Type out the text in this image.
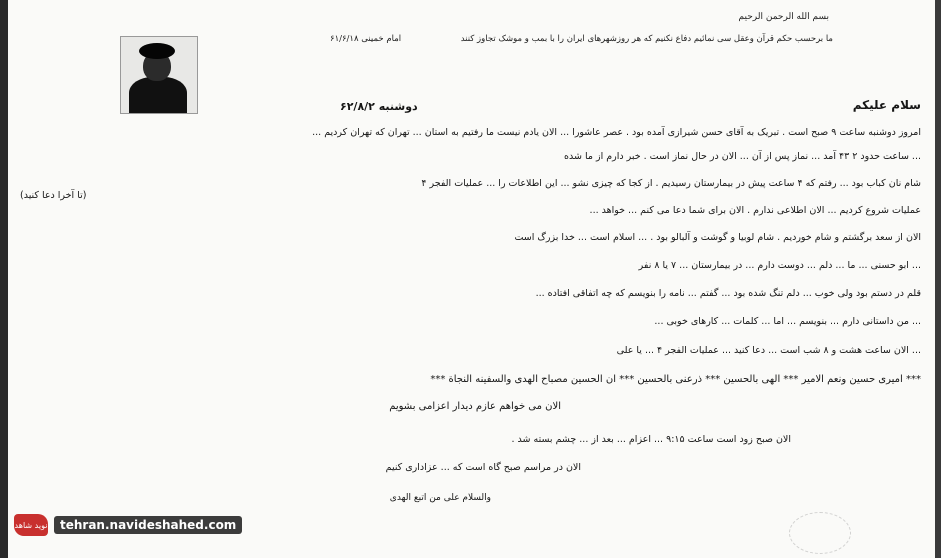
بسم الله الرحمن الرحيم
ما برحسب حکم قرآن وعقل سی نمائیم دفاع نکنیم که هر روزشهرهای ایران را با بمب و موشک تجاوز کنند
امام خمینی ۶۱/۶/۱۸
سلام علیکم
دوشنبه ۶۲/۸/۲
امروز دوشنبه ساعت ۹ صبح است . تبریک به آقای حسن شیرازی آمده بود . عصر عاشورا ... الان یادم نیست ما رفتیم به استان ... تهران که تهران کردیم ...
... ساعت حدود ۲ ۴۳ آمد ... نماز پس از آن ... الان در حال نماز است . خبر دارم از ما شده
شام نان کباب بود ... رفتم که ۴ ساعت پیش در بیمارستان رسیدیم . از کجا که چیزی نشو ... این اطلاعات را ... عملیات الفجر ۴
عملیات شروع کردیم ... الان اطلاعی ندارم . الان برای شما دعا می کنم ... خواهد ...
(تا آخرا دعا کنید)
الان از سعد برگشتم و شام خوردیم . شام لوبیا و گوشت و آلبالو بود . ... اسلام است ... خدا بزرگ است
... ابو حسنی ... ما ... دلم ... دوست دارم ... در بیمارستان ... ۷ یا ۸ نفر
قلم در دستم بود ولی خوب ... دلم تنگ شده بود ... گفتم ... نامه را بنویسم که چه اتفاقی افتاده ...
... من داستانی دارم ... بنویسم ... اما ... کلمات ... کارهای خوبی ...
... الان ساعت هشت و ۸ شب است ... دعا کنید ... عملیات الفجر ۴ ... یا علی
*** امیری حسین ونعم الامیر *** الهی بالحسین *** ذرعنی بالحسین *** ان الحسین مصباح الهدی والسفینه النجاة ***
الان می خواهم عازم دیدار اعزامی بشویم
الان صبح زود است ساعت ۹:۱۵ ... اعزام ... بعد از ... چشم بسته شد .
الان در مراسم صبح گاه است که ... عزاداری کنیم
والسلام علی من اتبع الهدی
نوید شاهد	tehran.navideshahed.com
